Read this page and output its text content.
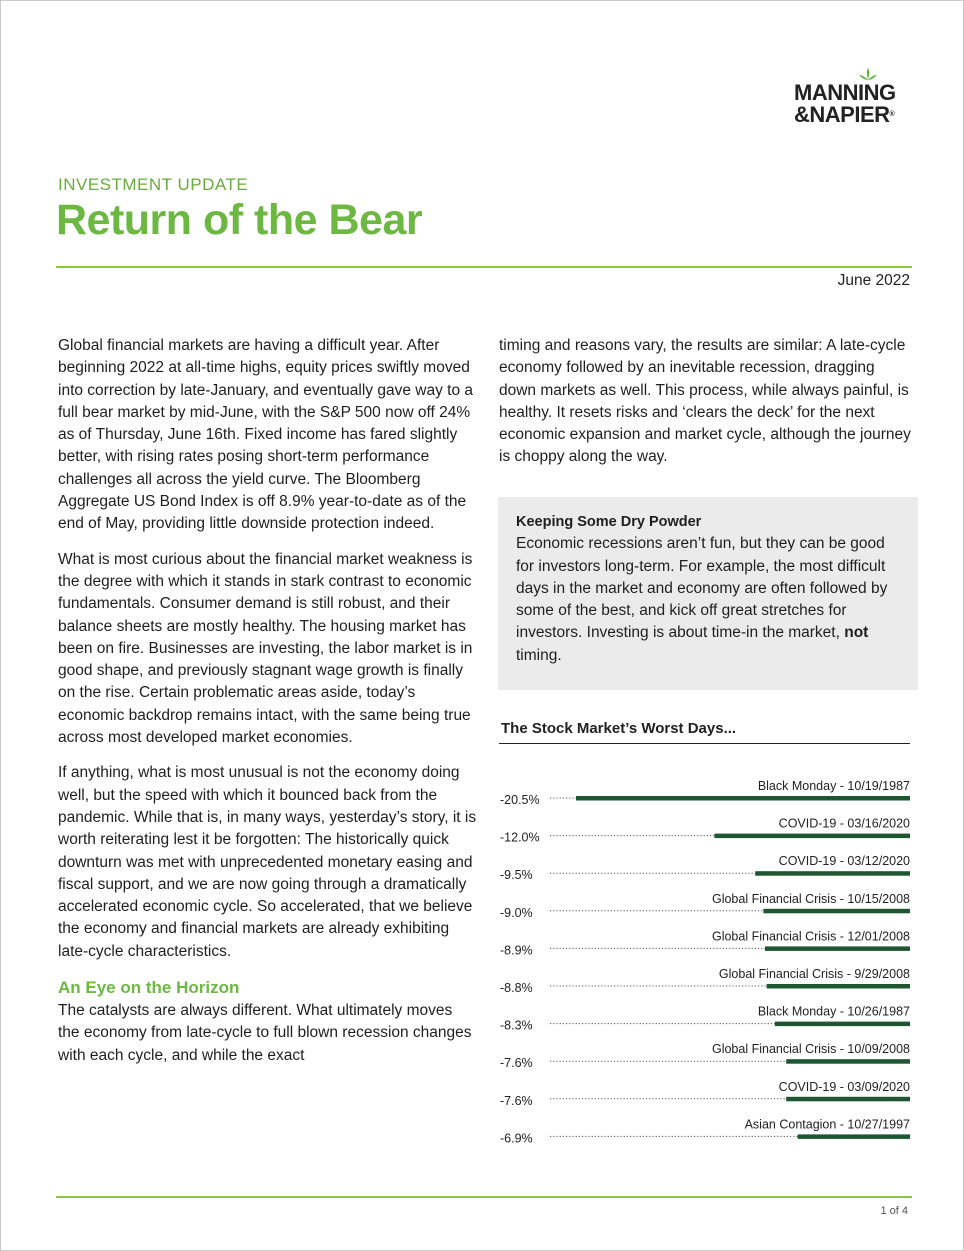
MANNING
&NAPIER®
INVESTMENT UPDATE
Return of the Bear
June 2022

Global financial markets are having a difficult year. After beginning 2022 at all-time highs, equity prices swiftly moved into correction by late-January, and eventually gave way to a full bear market by mid-June, with the S&P 500 now off 24% as of Thursday, June 16th. Fixed income has fared slightly better, with rising rates posing short-term performance challenges all across the yield curve. The Bloomberg Aggregate US Bond Index is off 8.9% year-to-date as of the end of May, providing little downside protection indeed.

What is most curious about the financial market weakness is the degree with which it stands in stark contrast to economic fundamentals. Consumer demand is still robust, and their balance sheets are mostly healthy. The housing market has been on fire. Businesses are investing, the labor market is in good shape, and previously stagnant wage growth is finally on the rise. Certain problematic areas aside, today’s economic backdrop remains intact, with the same being true across most developed market economies.

If anything, what is most unusual is not the economy doing well, but the speed with which it bounced back from the pandemic. While that is, in many ways, yesterday’s story, it is worth reiterating lest it be forgotten: The historically quick downturn was met with unprecedented monetary easing and fiscal support, and we are now going through a dramatically accelerated economic cycle. So accelerated, that we believe the economy and financial markets are already exhibiting late-cycle characteristics.

An Eye on the Horizon

The catalysts are always different. What ultimately moves the economy from late-cycle to full blown recession changes with each cycle, and while the exact

timing and reasons vary, the results are similar: A late-cycle economy followed by an inevitable recession, dragging down markets as well. This process, while always painful, is healthy. It resets risks and ‘clears the deck’ for the next economic expansion and market cycle, although the journey is choppy along the way.

Keeping Some Dry Powder

Economic recessions aren’t fun, but they can be good for investors long-term. For example, the most difficult days in the market and economy are often followed by some of the best, and kick off great stretches for investors. Investing is about time-in the market, not timing.

The Stock Market’s Worst Days...
Black Monday - 10/19/1987
-20.5%
COVID-19 - 03/16/2020
-12.0%
COVID-19 - 03/12/2020
-9.5%
Global Financial Crisis - 10/15/2008
-9.0%
Global Financial Crisis - 12/01/2008
-8.9%
Global Financial Crisis - 9/29/2008
-8.8%
Black Monday - 10/26/1987
-8.3%
Global Financial Crisis - 10/09/2008
-7.6%
COVID-19 - 03/09/2020
-7.6%
Asian Contagion - 10/27/1997
-6.9%
1 of 4
